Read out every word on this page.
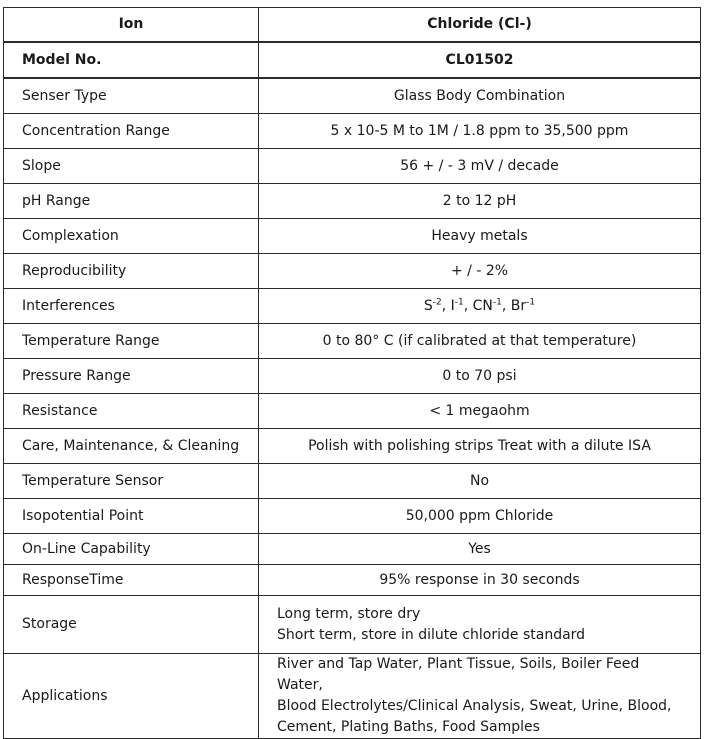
Ion	Chloride (Cl-)
Model No.	CL01502
Senser Type	Glass Body Combination
Concentration Range	5 x 10-5 M to 1M / 1.8 ppm to 35,500 ppm
Slope	56 + / - 3 mV / decade
pH Range	2 to 12 pH
Complexation	Heavy metals
Reproducibility	+ / - 2%
Interferences	$S^{-2}$, $I^{-1}$, $CN^{-1}$, $Br^{-1}$
Temperature Range	0 to 80° C (if calibrated at that temperature)
Pressure Range	0 to 70 psi
Resistance	< 1 megaohm
Care, Maintenance, & Cleaning	Polish with polishing strips Treat with a dilute ISA
Temperature Sensor	No
Isopotential Point	50,000 ppm Chloride
On-Line Capability	Yes
ResponseTime	95% response in 30 seconds
Storage	Long term, store dry
Short term, store in dilute chloride standard

Applications	River and Tap Water, Plant Tissue, Soils, Boiler Feed Water,
Blood Electrolytes/Clinical Analysis, Sweat, Urine, Blood,
Cement, Plating Baths, Food Samples
